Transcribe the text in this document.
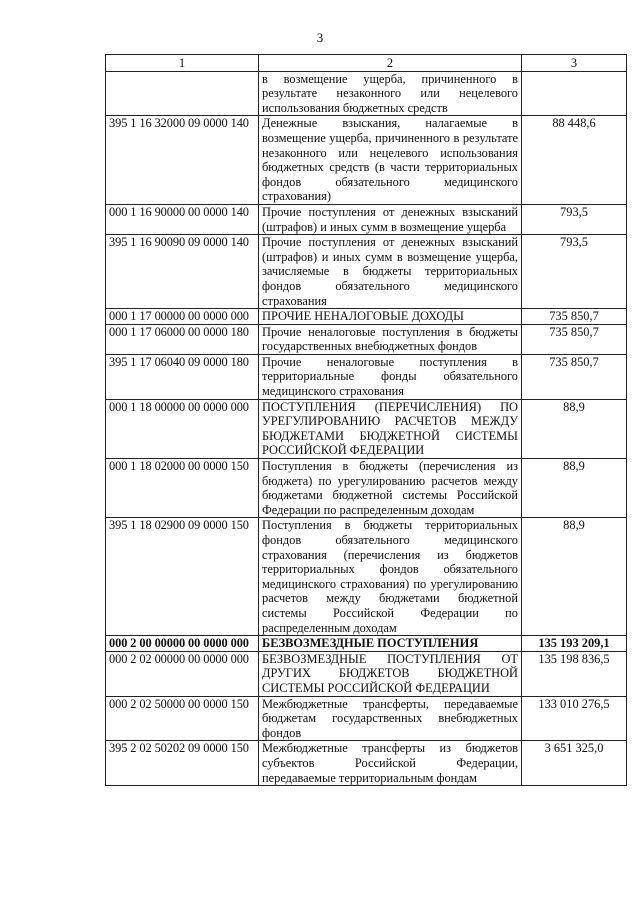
3
1	2	3
	в возмещение ущерба, причиненного в результате незаконного или нецелевого использования бюджетных средств	
395 1 16 32000 09 0000 140	Денежные взыскания, налагаемые в возмещение ущерба, причиненного в результате незаконного или нецелевого использования бюджетных средств (в части территориальных фондов обязательного медицинского страхования)	88 448,6
000 1 16 90000 00 0000 140	Прочие поступления от денежных взысканий (штрафов) и иных сумм в возмещение ущерба	793,5
395 1 16 90090 09 0000 140	Прочие поступления от денежных взысканий (штрафов) и иных сумм в возмещение ущерба, зачисляемые в бюджеты территориальных фондов обязательного медицинского страхования	793,5
000 1 17 00000 00 0000 000	ПРОЧИЕ НЕНАЛОГОВЫЕ ДОХОДЫ	735 850,7
000 1 17 06000 00 0000 180	Прочие неналоговые поступления в бюджеты государственных внебюджетных фондов	735 850,7
395 1 17 06040 09 0000 180	Прочие неналоговые поступления в территориальные фонды обязательного медицинского страхования	735 850,7
000 1 18 00000 00 0000 000	ПОСТУПЛЕНИЯ (ПЕРЕЧИСЛЕНИЯ) ПО УРЕГУЛИРОВАНИЮ РАСЧЕТОВ МЕЖДУ БЮДЖЕТАМИ БЮДЖЕТНОЙ СИСТЕМЫ РОССИЙСКОЙ ФЕДЕРАЦИИ	88,9
000 1 18 02000 00 0000 150	Поступления в бюджеты (перечисления из бюджета) по урегулированию расчетов между бюджетами бюджетной системы Российской Федерации по распределенным доходам	88,9
395 1 18 02900 09 0000 150	Поступления в бюджеты территориальных фондов обязательного медицинского страхования (перечисления из бюджетов территориальных фондов обязательного медицинского страхования) по урегулированию расчетов между бюджетами бюджетной системы Российской Федерации по распределенным доходам	88,9
000 2 00 00000 00 0000 000	БЕЗВОЗМЕЗДНЫЕ ПОСТУПЛЕНИЯ	135 193 209,1
000 2 02 00000 00 0000 000	БЕЗВОЗМЕЗДНЫЕ ПОСТУПЛЕНИЯ ОТ ДРУГИХ БЮДЖЕТОВ БЮДЖЕТНОЙ СИСТЕМЫ РОССИЙСКОЙ ФЕДЕРАЦИИ	135 198 836,5
000 2 02 50000 00 0000 150	Межбюджетные трансферты, передаваемые бюджетам государственных внебюджетных фондов	133 010 276,5
395 2 02 50202 09 0000 150	Межбюджетные трансферты из бюджетов субъектов Российской Федерации, передаваемые территориальным фондам	3 651 325,0
